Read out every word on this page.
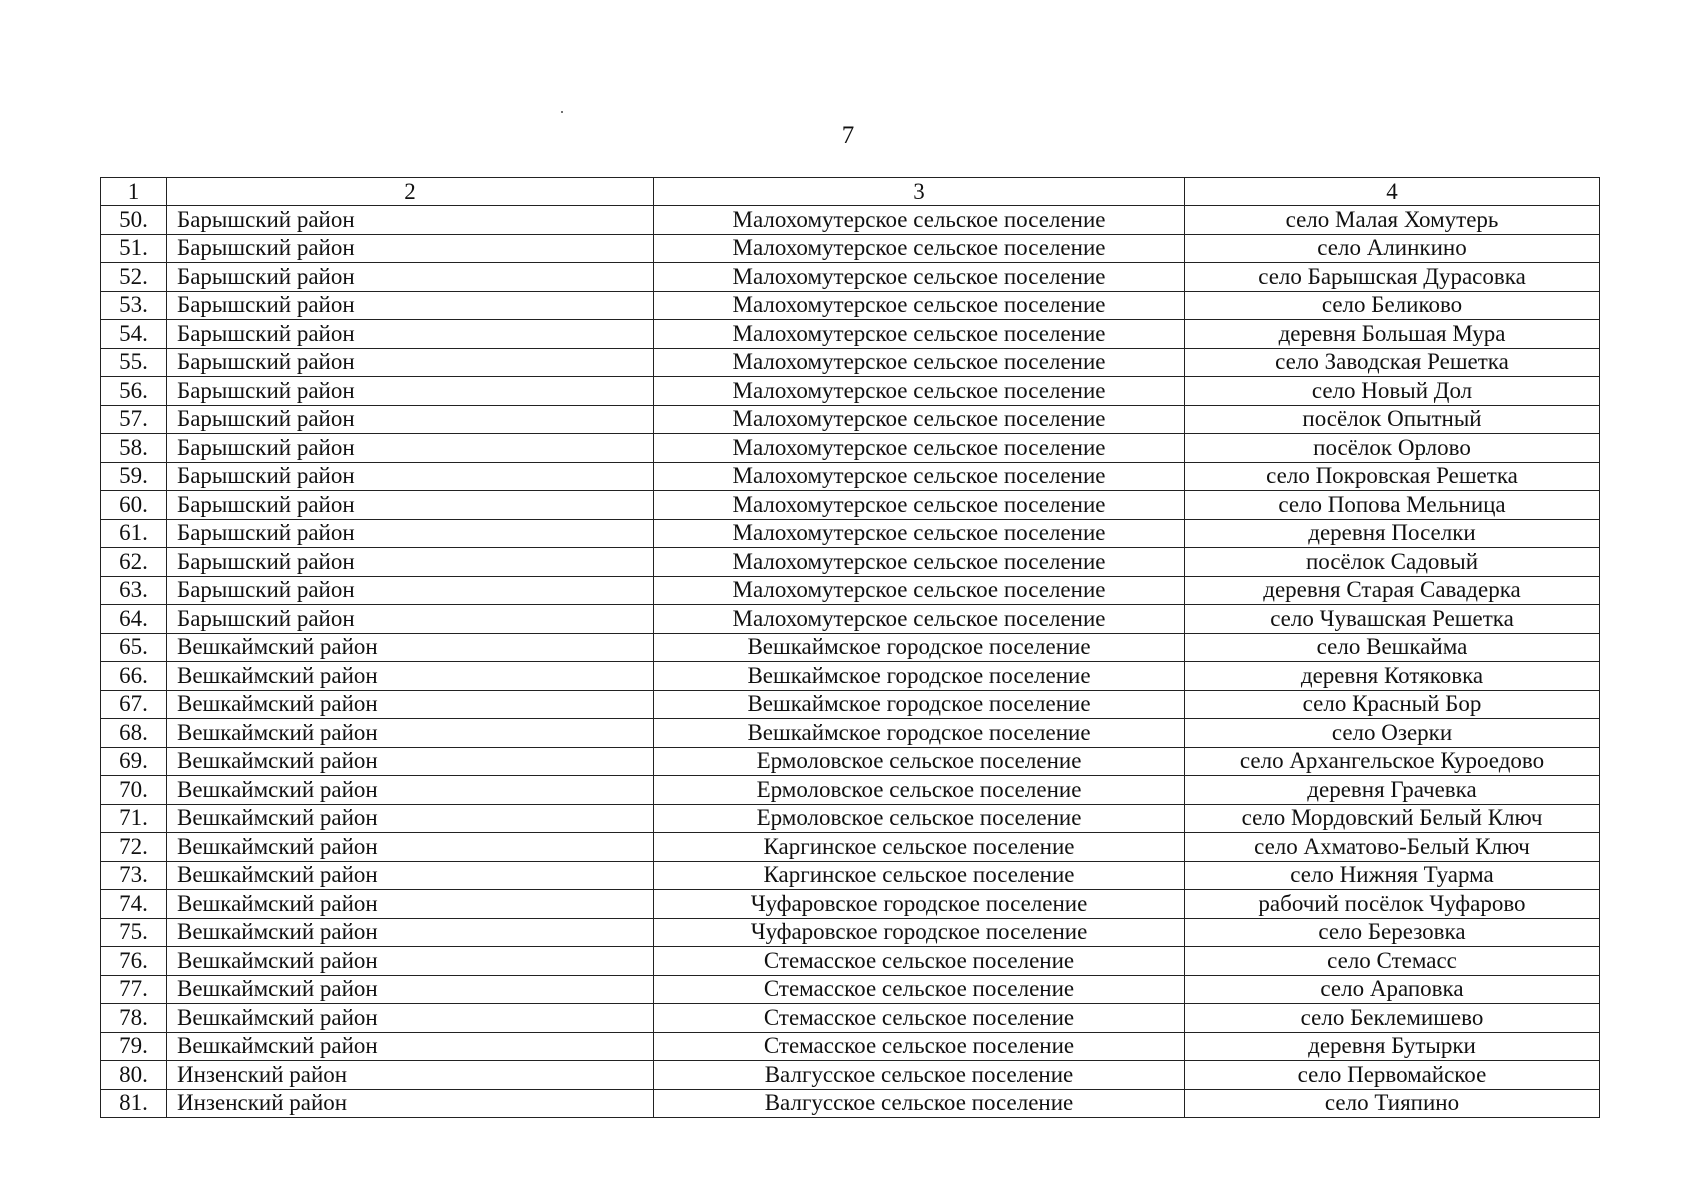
7
1	2	3	4
50.	Барышский район	Малохомутерское сельское поселение	село Малая Хомутерь
51.	Барышский район	Малохомутерское сельское поселение	село Алинкино
52.	Барышский район	Малохомутерское сельское поселение	село Барышская Дурасовка
53.	Барышский район	Малохомутерское сельское поселение	село Беликово
54.	Барышский район	Малохомутерское сельское поселение	деревня Большая Мура
55.	Барышский район	Малохомутерское сельское поселение	село Заводская Решетка
56.	Барышский район	Малохомутерское сельское поселение	село Новый Дол
57.	Барышский район	Малохомутерское сельское поселение	посёлок Опытный
58.	Барышский район	Малохомутерское сельское поселение	посёлок Орлово
59.	Барышский район	Малохомутерское сельское поселение	село Покровская Решетка
60.	Барышский район	Малохомутерское сельское поселение	село Попова Мельница
61.	Барышский район	Малохомутерское сельское поселение	деревня Поселки
62.	Барышский район	Малохомутерское сельское поселение	посёлок Садовый
63.	Барышский район	Малохомутерское сельское поселение	деревня Старая Савадерка
64.	Барышский район	Малохомутерское сельское поселение	село Чувашская Решетка
65.	Вешкаймский район	Вешкаймское городское поселение	село Вешкайма
66.	Вешкаймский район	Вешкаймское городское поселение	деревня Котяковка
67.	Вешкаймский район	Вешкаймское городское поселение	село Красный Бор
68.	Вешкаймский район	Вешкаймское городское поселение	село Озерки
69.	Вешкаймский район	Ермоловское сельское поселение	село Архангельское Куроедово
70.	Вешкаймский район	Ермоловское сельское поселение	деревня Грачевка
71.	Вешкаймский район	Ермоловское сельское поселение	село Мордовский Белый Ключ
72.	Вешкаймский район	Каргинское сельское поселение	село Ахматово-Белый Ключ
73.	Вешкаймский район	Каргинское сельское поселение	село Нижняя Туарма
74.	Вешкаймский район	Чуфаровское городское поселение	рабочий посёлок Чуфарово
75.	Вешкаймский район	Чуфаровское городское поселение	село Березовка
76.	Вешкаймский район	Стемасское сельское поселение	село Стемасс
77.	Вешкаймский район	Стемасское сельское поселение	село Араповка
78.	Вешкаймский район	Стемасское сельское поселение	село Беклемишево
79.	Вешкаймский район	Стемасское сельское поселение	деревня Бутырки
80.	Инзенский район	Валгусское сельское поселение	село Первомайское
81.	Инзенский район	Валгусское сельское поселение	село Тияпино
